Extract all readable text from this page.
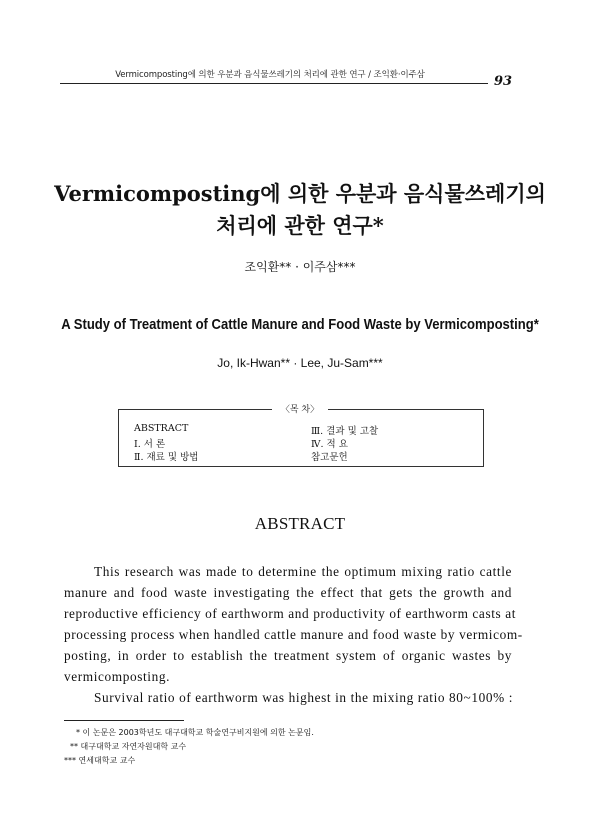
Vermicomposting에 의한 우분과 음식물쓰레기의 처리에 관한 연구 / 조익환·이주삼	93
Vermicomposting에 의한 우분과 음식물쓰레기의
처리에 관한 연구*
조익환** · 이주삼***
A Study of Treatment of Cattle Manure and Food Waste by Vermicomposting*
Jo, Ik-Hwan** · Lee, Ju-Sam***
〈목 차〉
ABSTRACT
Ⅰ. 서 론
Ⅱ. 재료 및 방법
Ⅲ. 결과 및 고찰
Ⅳ. 적 요
참고문헌
ABSTRACT
This research was made to determine the optimum mixing ratio cattle
manure and food waste investigating the effect that gets the growth and
reproductive efficiency of earthworm and productivity of earthworm casts at
processing process when handled cattle manure and food waste by vermicom-
posting, in order to establish the treatment system of organic wastes by
vermicomposting.
Survival ratio of earthworm was highest in the mixing ratio 80~100% :
* 이 논문은 2003학년도 대구대학교 학술연구비지원에 의한 논문임.
** 대구대학교 자연자원대학 교수
*** 연세대학교 교수
